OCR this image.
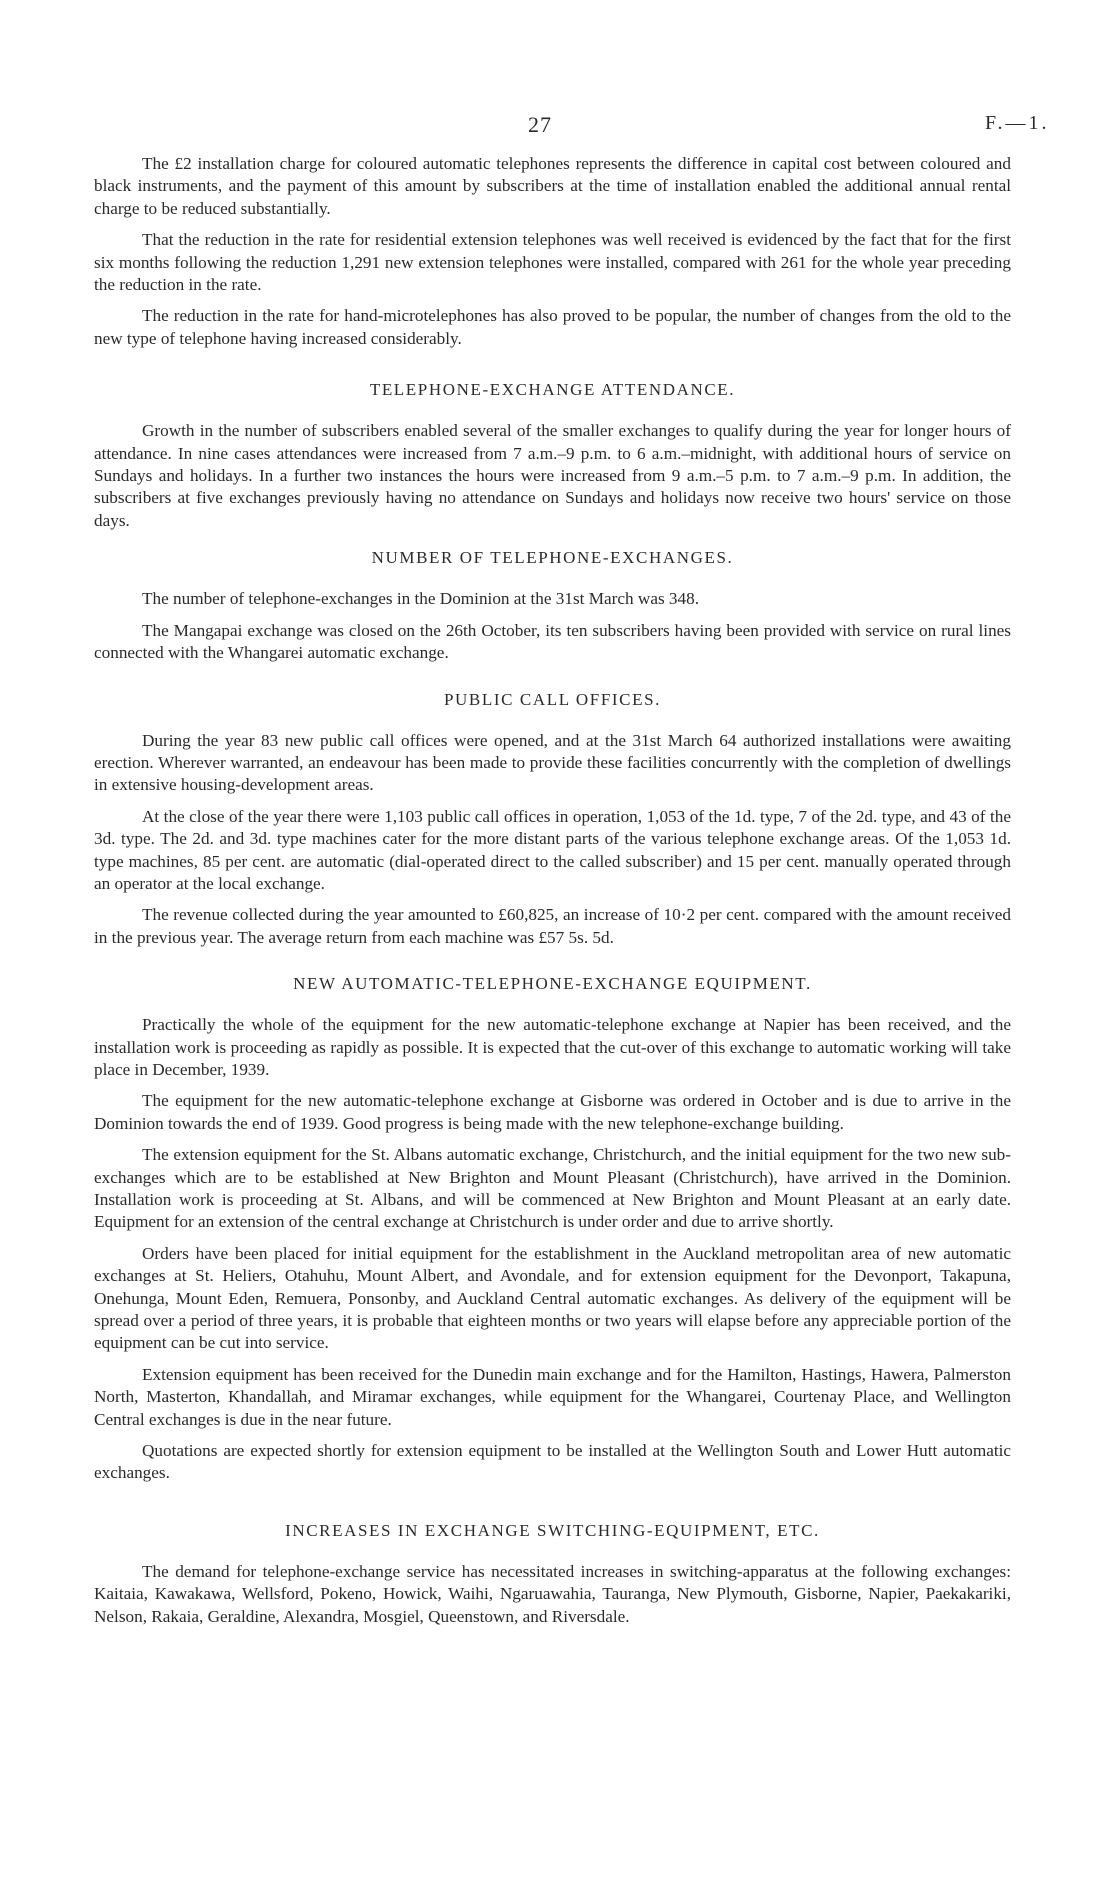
27	F.—1.

The £2 installation charge for coloured automatic telephones represents the difference in capital cost between coloured and black instruments, and the payment of this amount by subscribers at the time of installation enabled the additional annual rental charge to be reduced substantially.

That the reduction in the rate for residential extension telephones was well received is evidenced by the fact that for the first six months following the reduction 1,291 new extension telephones were installed, compared with 261 for the whole year preceding the reduction in the rate.

The reduction in the rate for hand-microtelephones has also proved to be popular, the number of changes from the old to the new type of telephone having increased considerably.

TELEPHONE-EXCHANGE ATTENDANCE.

Growth in the number of subscribers enabled several of the smaller exchanges to qualify during the year for longer hours of attendance. In nine cases attendances were increased from 7 a.m.–9 p.m. to 6 a.m.–midnight, with additional hours of service on Sundays and holidays. In a further two instances the hours were increased from 9 a.m.–5 p.m. to 7 a.m.–9 p.m. In addition, the subscribers at five exchanges previously having no attendance on Sundays and holidays now receive two hours' service on those days.

NUMBER OF TELEPHONE-EXCHANGES.

The number of telephone-exchanges in the Dominion at the 31st March was 348.

The Mangapai exchange was closed on the 26th October, its ten subscribers having been provided with service on rural lines connected with the Whangarei automatic exchange.

PUBLIC CALL OFFICES.

During the year 83 new public call offices were opened, and at the 31st March 64 authorized installations were awaiting erection. Wherever warranted, an endeavour has been made to provide these facilities concurrently with the completion of dwellings in extensive housing-development areas.

At the close of the year there were 1,103 public call offices in operation, 1,053 of the 1d. type, 7 of the 2d. type, and 43 of the 3d. type. The 2d. and 3d. type machines cater for the more distant parts of the various telephone exchange areas. Of the 1,053 1d. type machines, 85 per cent. are automatic (dial-operated direct to the called subscriber) and 15 per cent. manually operated through an operator at the local exchange.

The revenue collected during the year amounted to £60,825, an increase of 10·2 per cent. compared with the amount received in the previous year. The average return from each machine was £57 5s. 5d.

NEW AUTOMATIC-TELEPHONE-EXCHANGE EQUIPMENT.

Practically the whole of the equipment for the new automatic-telephone exchange at Napier has been received, and the installation work is proceeding as rapidly as possible. It is expected that the cut-over of this exchange to automatic working will take place in December, 1939.

The equipment for the new automatic-telephone exchange at Gisborne was ordered in October and is due to arrive in the Dominion towards the end of 1939. Good progress is being made with the new telephone-exchange building.

The extension equipment for the St. Albans automatic exchange, Christchurch, and the initial equipment for the two new sub-exchanges which are to be established at New Brighton and Mount Pleasant (Christchurch), have arrived in the Dominion. Installation work is proceeding at St. Albans, and will be commenced at New Brighton and Mount Pleasant at an early date. Equipment for an extension of the central exchange at Christchurch is under order and due to arrive shortly.

Orders have been placed for initial equipment for the establishment in the Auckland metropolitan area of new automatic exchanges at St. Heliers, Otahuhu, Mount Albert, and Avondale, and for extension equipment for the Devonport, Takapuna, Onehunga, Mount Eden, Remuera, Ponsonby, and Auckland Central automatic exchanges. As delivery of the equipment will be spread over a period of three years, it is probable that eighteen months or two years will elapse before any appreciable portion of the equipment can be cut into service.

Extension equipment has been received for the Dunedin main exchange and for the Hamilton, Hastings, Hawera, Palmerston North, Masterton, Khandallah, and Miramar exchanges, while equipment for the Whangarei, Courtenay Place, and Wellington Central exchanges is due in the near future.

Quotations are expected shortly for extension equipment to be installed at the Wellington South and Lower Hutt automatic exchanges.

INCREASES IN EXCHANGE SWITCHING-EQUIPMENT, ETC.

The demand for telephone-exchange service has necessitated increases in switching-apparatus at the following exchanges: Kaitaia, Kawakawa, Wellsford, Pokeno, Howick, Waihi, Ngaruawahia, Tauranga, New Plymouth, Gisborne, Napier, Paekakariki, Nelson, Rakaia, Geraldine, Alexandra, Mosgiel, Queenstown, and Riversdale.
